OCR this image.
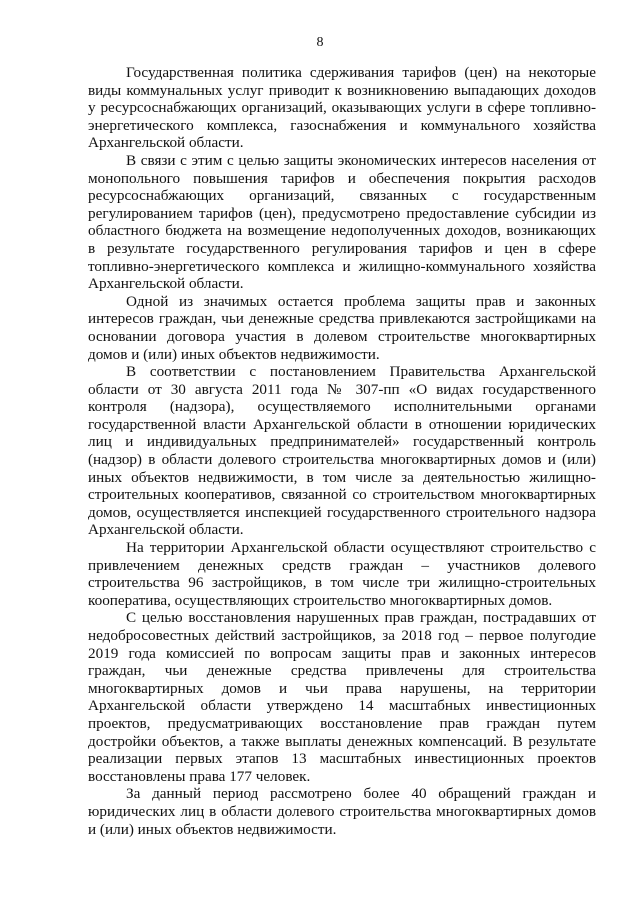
8

Государственная политика сдерживания тарифов (цен) на некоторые виды коммунальных услуг приводит к возникновению выпадающих доходов у ресурсоснабжающих организаций, оказывающих услуги в сфере топливно-энергетического комплекса, газоснабжения и коммунального хозяйства Архангельской области.

В связи с этим с целью защиты экономических интересов населения от монопольного повышения тарифов и обеспечения покрытия расходов ресурсоснабжающих организаций, связанных с государственным регулированием тарифов (цен), предусмотрено предоставление субсидии из областного бюджета на возмещение недополученных доходов, возникающих в результате государственного регулирования тарифов и цен в сфере топливно-энергетического комплекса и жилищно-коммунального хозяйства Архангельской области.

Одной из значимых остается проблема защиты прав и законных интересов граждан, чьи денежные средства привлекаются застройщиками на основании договора участия в долевом строительстве многоквартирных домов и (или) иных объектов недвижимости.

В соответствии с постановлением Правительства Архангельской области от 30 августа 2011 года № 307-пп «О видах государственного контроля (надзора), осуществляемого исполнительными органами государственной власти Архангельской области в отношении юридических лиц и индивидуальных предпринимателей» государственный контроль (надзор) в области долевого строительства многоквартирных домов и (или) иных объектов недвижимости, в том числе за деятельностью жилищно-строительных кооперативов, связанной со строительством многоквартирных домов, осуществляется инспекцией государственного строительного надзора Архангельской области.

На территории Архангельской области осуществляют строительство с привлечением денежных средств граждан – участников долевого строительства 96 застройщиков, в том числе три жилищно-строительных кооператива, осуществляющих строительство многоквартирных домов.

С целью восстановления нарушенных прав граждан, пострадавших от недобросовестных действий застройщиков, за 2018 год – первое полугодие 2019 года комиссией по вопросам защиты прав и законных интересов граждан, чьи денежные средства привлечены для строительства многоквартирных домов и чьи права нарушены, на территории Архангельской области утверждено 14 масштабных инвестиционных проектов, предусматривающих восстановление прав граждан путем достройки объектов, а также выплаты денежных компенсаций. В результате реализации первых этапов 13 масштабных инвестиционных проектов восстановлены права 177 человек.

За данный период рассмотрено более 40 обращений граждан и юридических лиц в области долевого строительства многоквартирных домов и (или) иных объектов недвижимости.
